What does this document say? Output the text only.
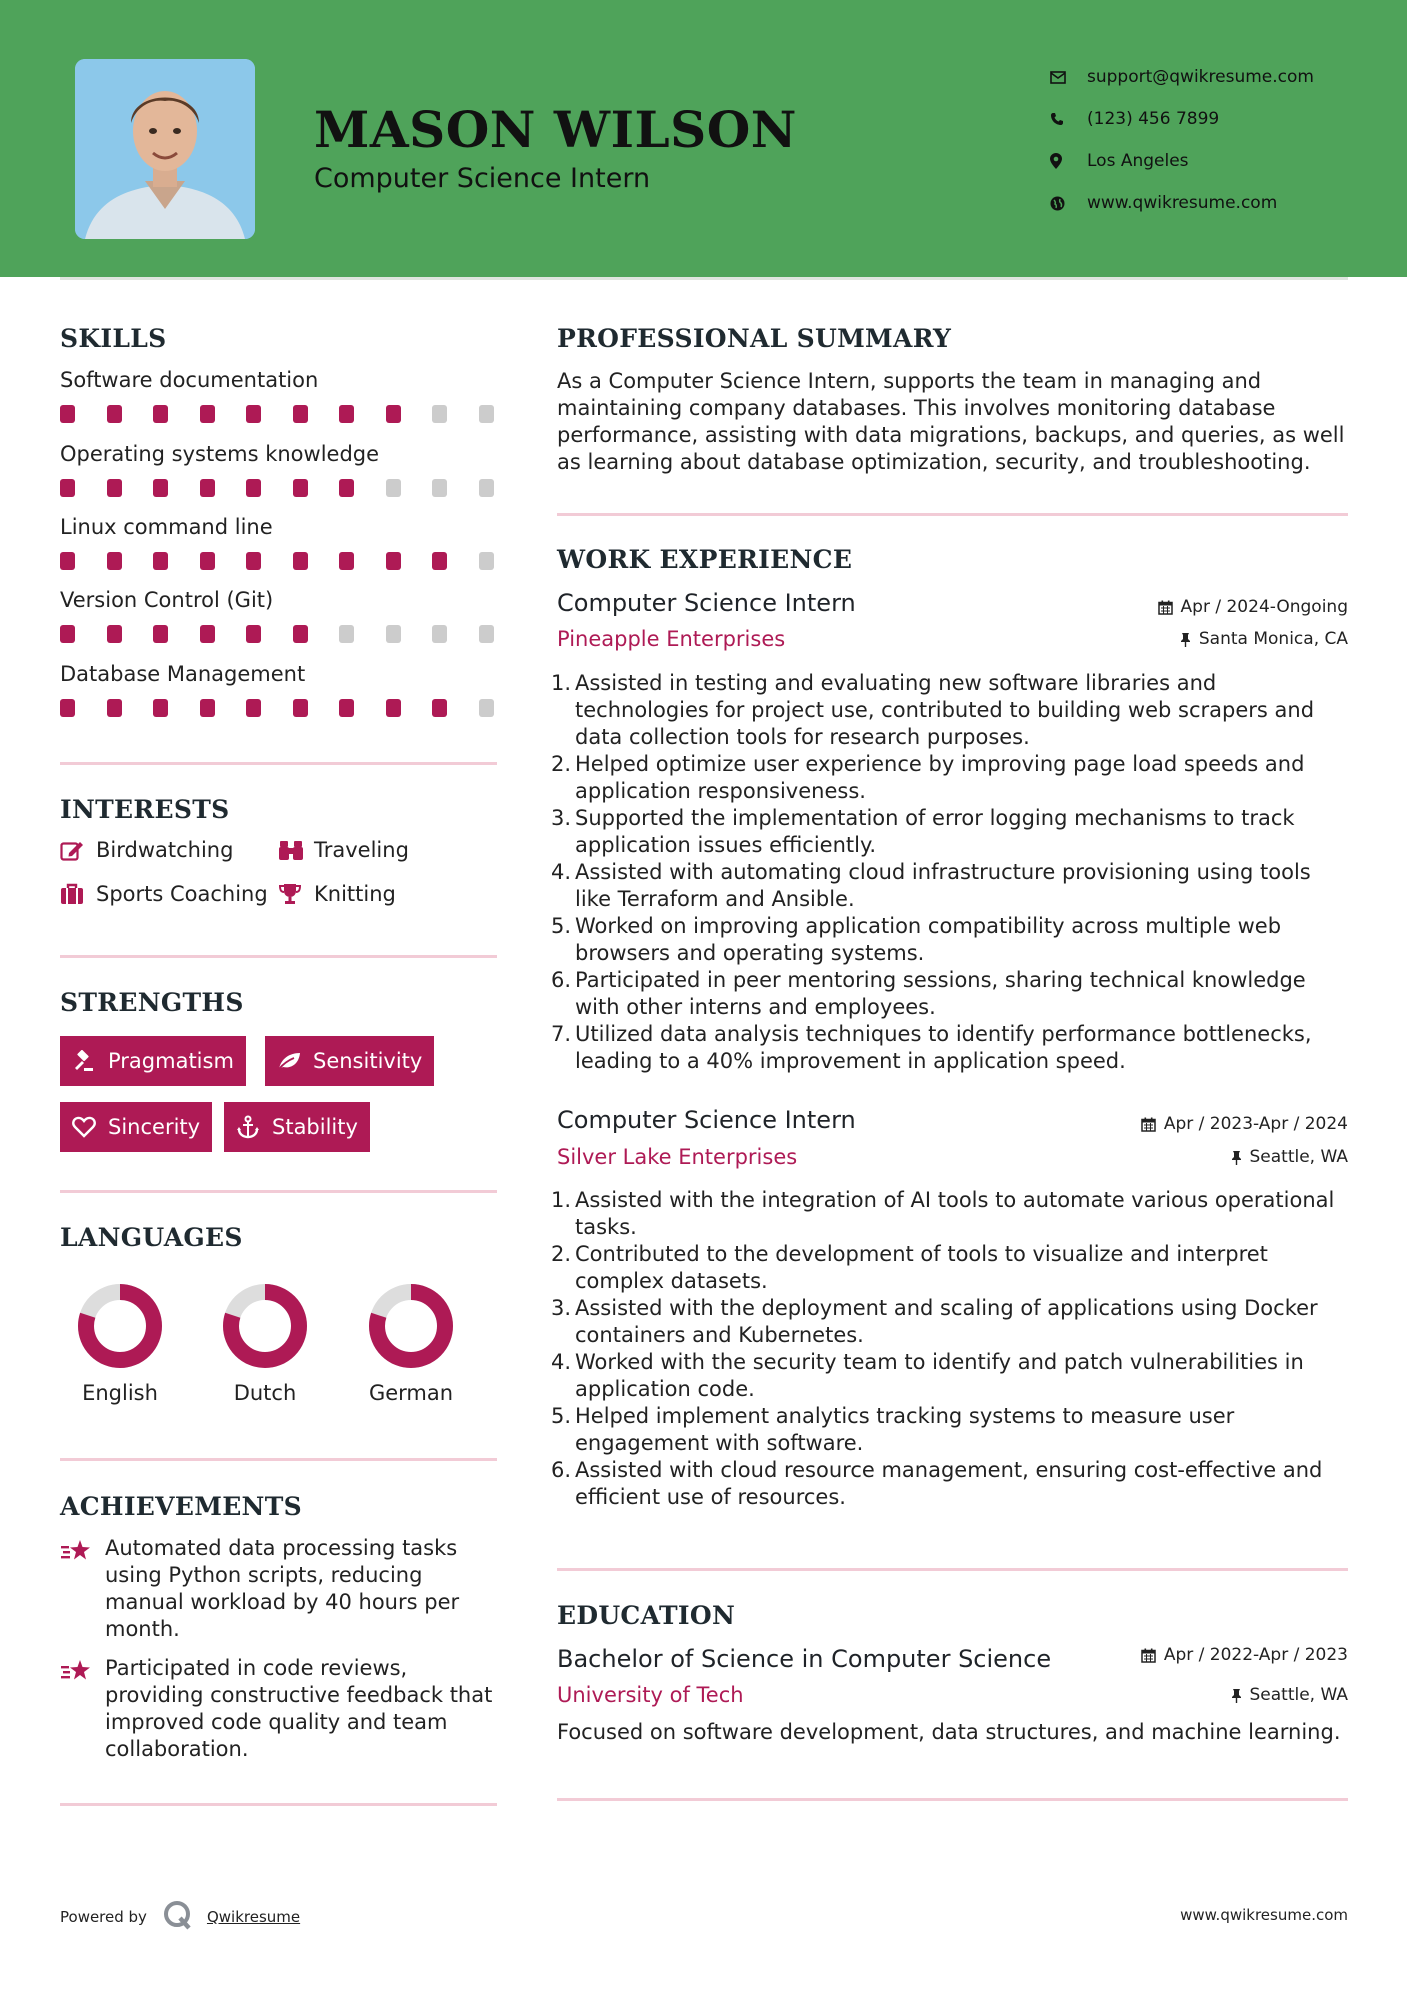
MASON WILSON
Computer Science Intern
support@qwikresume.com
(123) 456 7899
Los Angeles
www.qwikresume.com
SKILLS
Software documentation
Operating systems knowledge
Linux command line
Version Control (Git)
Database Management
INTERESTS
Birdwatching	Traveling
Sports Coaching Knitting
STRENGTHS
Pragmatism	Sensitivity
Sincerity	Stability
LANGUAGES
English	Dutch	German
ACHIEVEMENTS
Automated data processing tasks using Python scripts, reducing manual workload by 40 hours per month.
Participated in code reviews, providing constructive feedback that improved code quality and team collaboration.
PROFESSIONAL SUMMARY
As a Computer Science Intern, supports the team in managing and maintaining company databases. This involves monitoring database performance, assisting with data migrations, backups, and queries, as well as learning about database optimization, security, and troubleshooting.
WORK EXPERIENCE
Computer Science Intern	Apr / 2024-Ongoing
Pineapple Enterprises	Santa Monica, CA
1. Assisted in testing and evaluating new software libraries and technologies for project use, contributed to building web scrapers and data collection tools for research purposes.
2. Helped optimize user experience by improving page load speeds and application responsiveness.
3. Supported the implementation of error logging mechanisms to track application issues efficiently.
4. Assisted with automating cloud infrastructure provisioning using tools like Terraform and Ansible.
5. Worked on improving application compatibility across multiple web browsers and operating systems.
6. Participated in peer mentoring sessions, sharing technical knowledge with other interns and employees.
7. Utilized data analysis techniques to identify performance bottlenecks, leading to a 40% improvement in application speed.
Computer Science Intern	Apr / 2023-Apr / 2024
Silver Lake Enterprises	Seattle, WA
1. Assisted with the integration of AI tools to automate various operational tasks.
2. Contributed to the development of tools to visualize and interpret complex datasets.
3. Assisted with the deployment and scaling of applications using Docker containers and Kubernetes.
4. Worked with the security team to identify and patch vulnerabilities in application code.
5. Helped implement analytics tracking systems to measure user engagement with software.
6. Assisted with cloud resource management, ensuring cost-effective and efficient use of resources.
EDUCATION
Bachelor of Science in Computer Science	Apr / 2022-Apr / 2023
University of Tech	Seattle, WA
Focused on software development, data structures, and machine learning.
Powered by	Qwikresume	www.qwikresume.com
